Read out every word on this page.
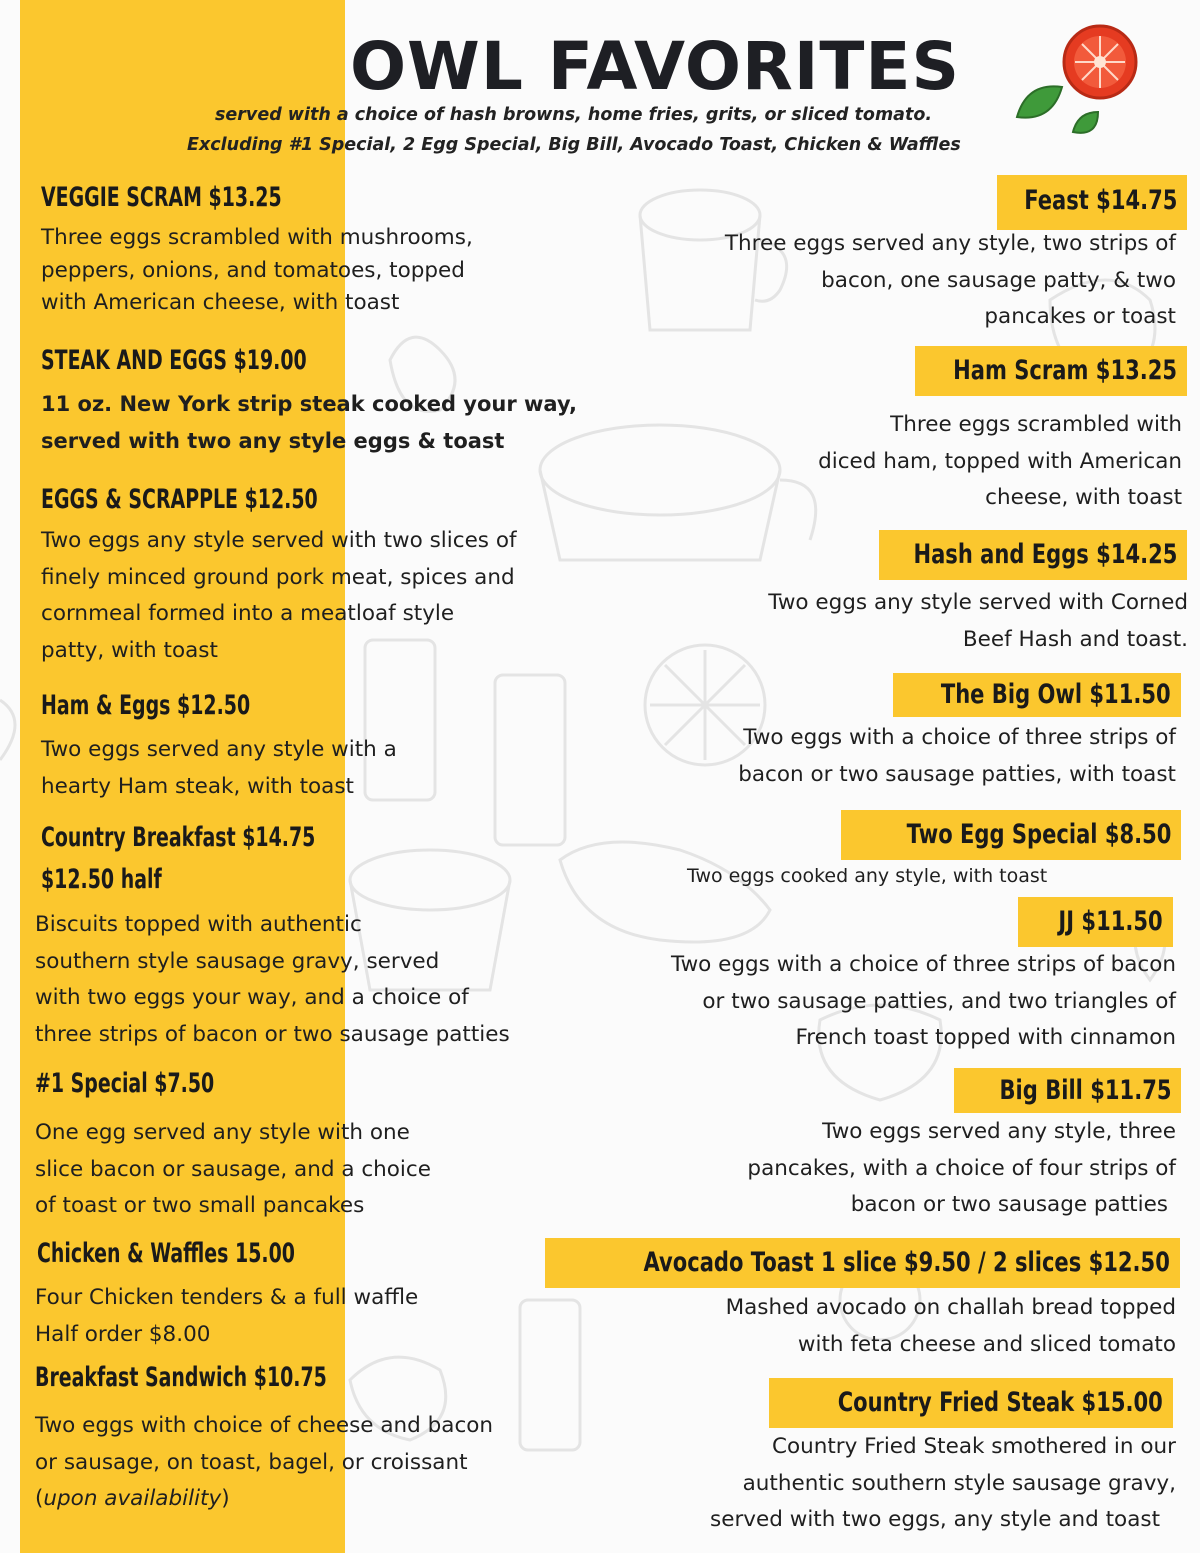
OWL FAVORITES
served with a choice of hash browns, home fries, grits, or sliced tomato.
Excluding #1 Special, 2 Egg Special, Big Bill, Avocado Toast, Chicken & Waffles
VEGGIE SCRAM $13.25
Three eggs scrambled with mushrooms,
peppers, onions, and tomatoes, topped
with American cheese, with toast
STEAK AND EGGS $19.00
11 oz. New York strip steak cooked your way,
served with two any style eggs & toast
EGGS & SCRAPPLE $12.50
Two eggs any style served with two slices of
finely minced ground pork meat, spices and
cornmeal formed into a meatloaf style
patty, with toast
Ham & Eggs $12.50
Two eggs served any style with a
hearty Ham steak, with toast
Country Breakfast $14.75
$12.50 half
Biscuits topped with authentic
southern style sausage gravy, served
with two eggs your way, and a choice of
three strips of bacon or two sausage patties
#1 Special $7.50
One egg served any style with one
slice bacon or sausage, and a choice
of toast or two small pancakes
Chicken & Waffles 15.00
Four Chicken tenders & a full waffle
Half order $8.00
Breakfast Sandwich $10.75
Two eggs with choice of cheese and bacon
or sausage, on toast, bagel, or croissant
(upon availability)
Feast $14.75
Three eggs served any style, two strips of
bacon, one sausage patty, & two
pancakes or toast
Ham Scram $13.25
Three eggs scrambled with
diced ham, topped with American
cheese, with toast
Hash and Eggs $14.25
Two eggs any style served with Corned
Beef Hash and toast.
The Big Owl $11.50
Two eggs with a choice of three strips of
bacon or two sausage patties, with toast
Two Egg Special $8.50
Two eggs cooked any style, with toast
JJ $11.50
Two eggs with a choice of three strips of bacon
or two sausage patties, and two triangles of
French toast topped with cinnamon
Big Bill $11.75
Two eggs served any style, three
pancakes, with a choice of four strips of
bacon or two sausage patties
Avocado Toast 1 slice $9.50 / 2 slices $12.50
Mashed avocado on challah bread topped
with feta cheese and sliced tomato
Country Fried Steak $15.00
Country Fried Steak smothered in our
authentic southern style sausage gravy,
served with two eggs, any style and toast
